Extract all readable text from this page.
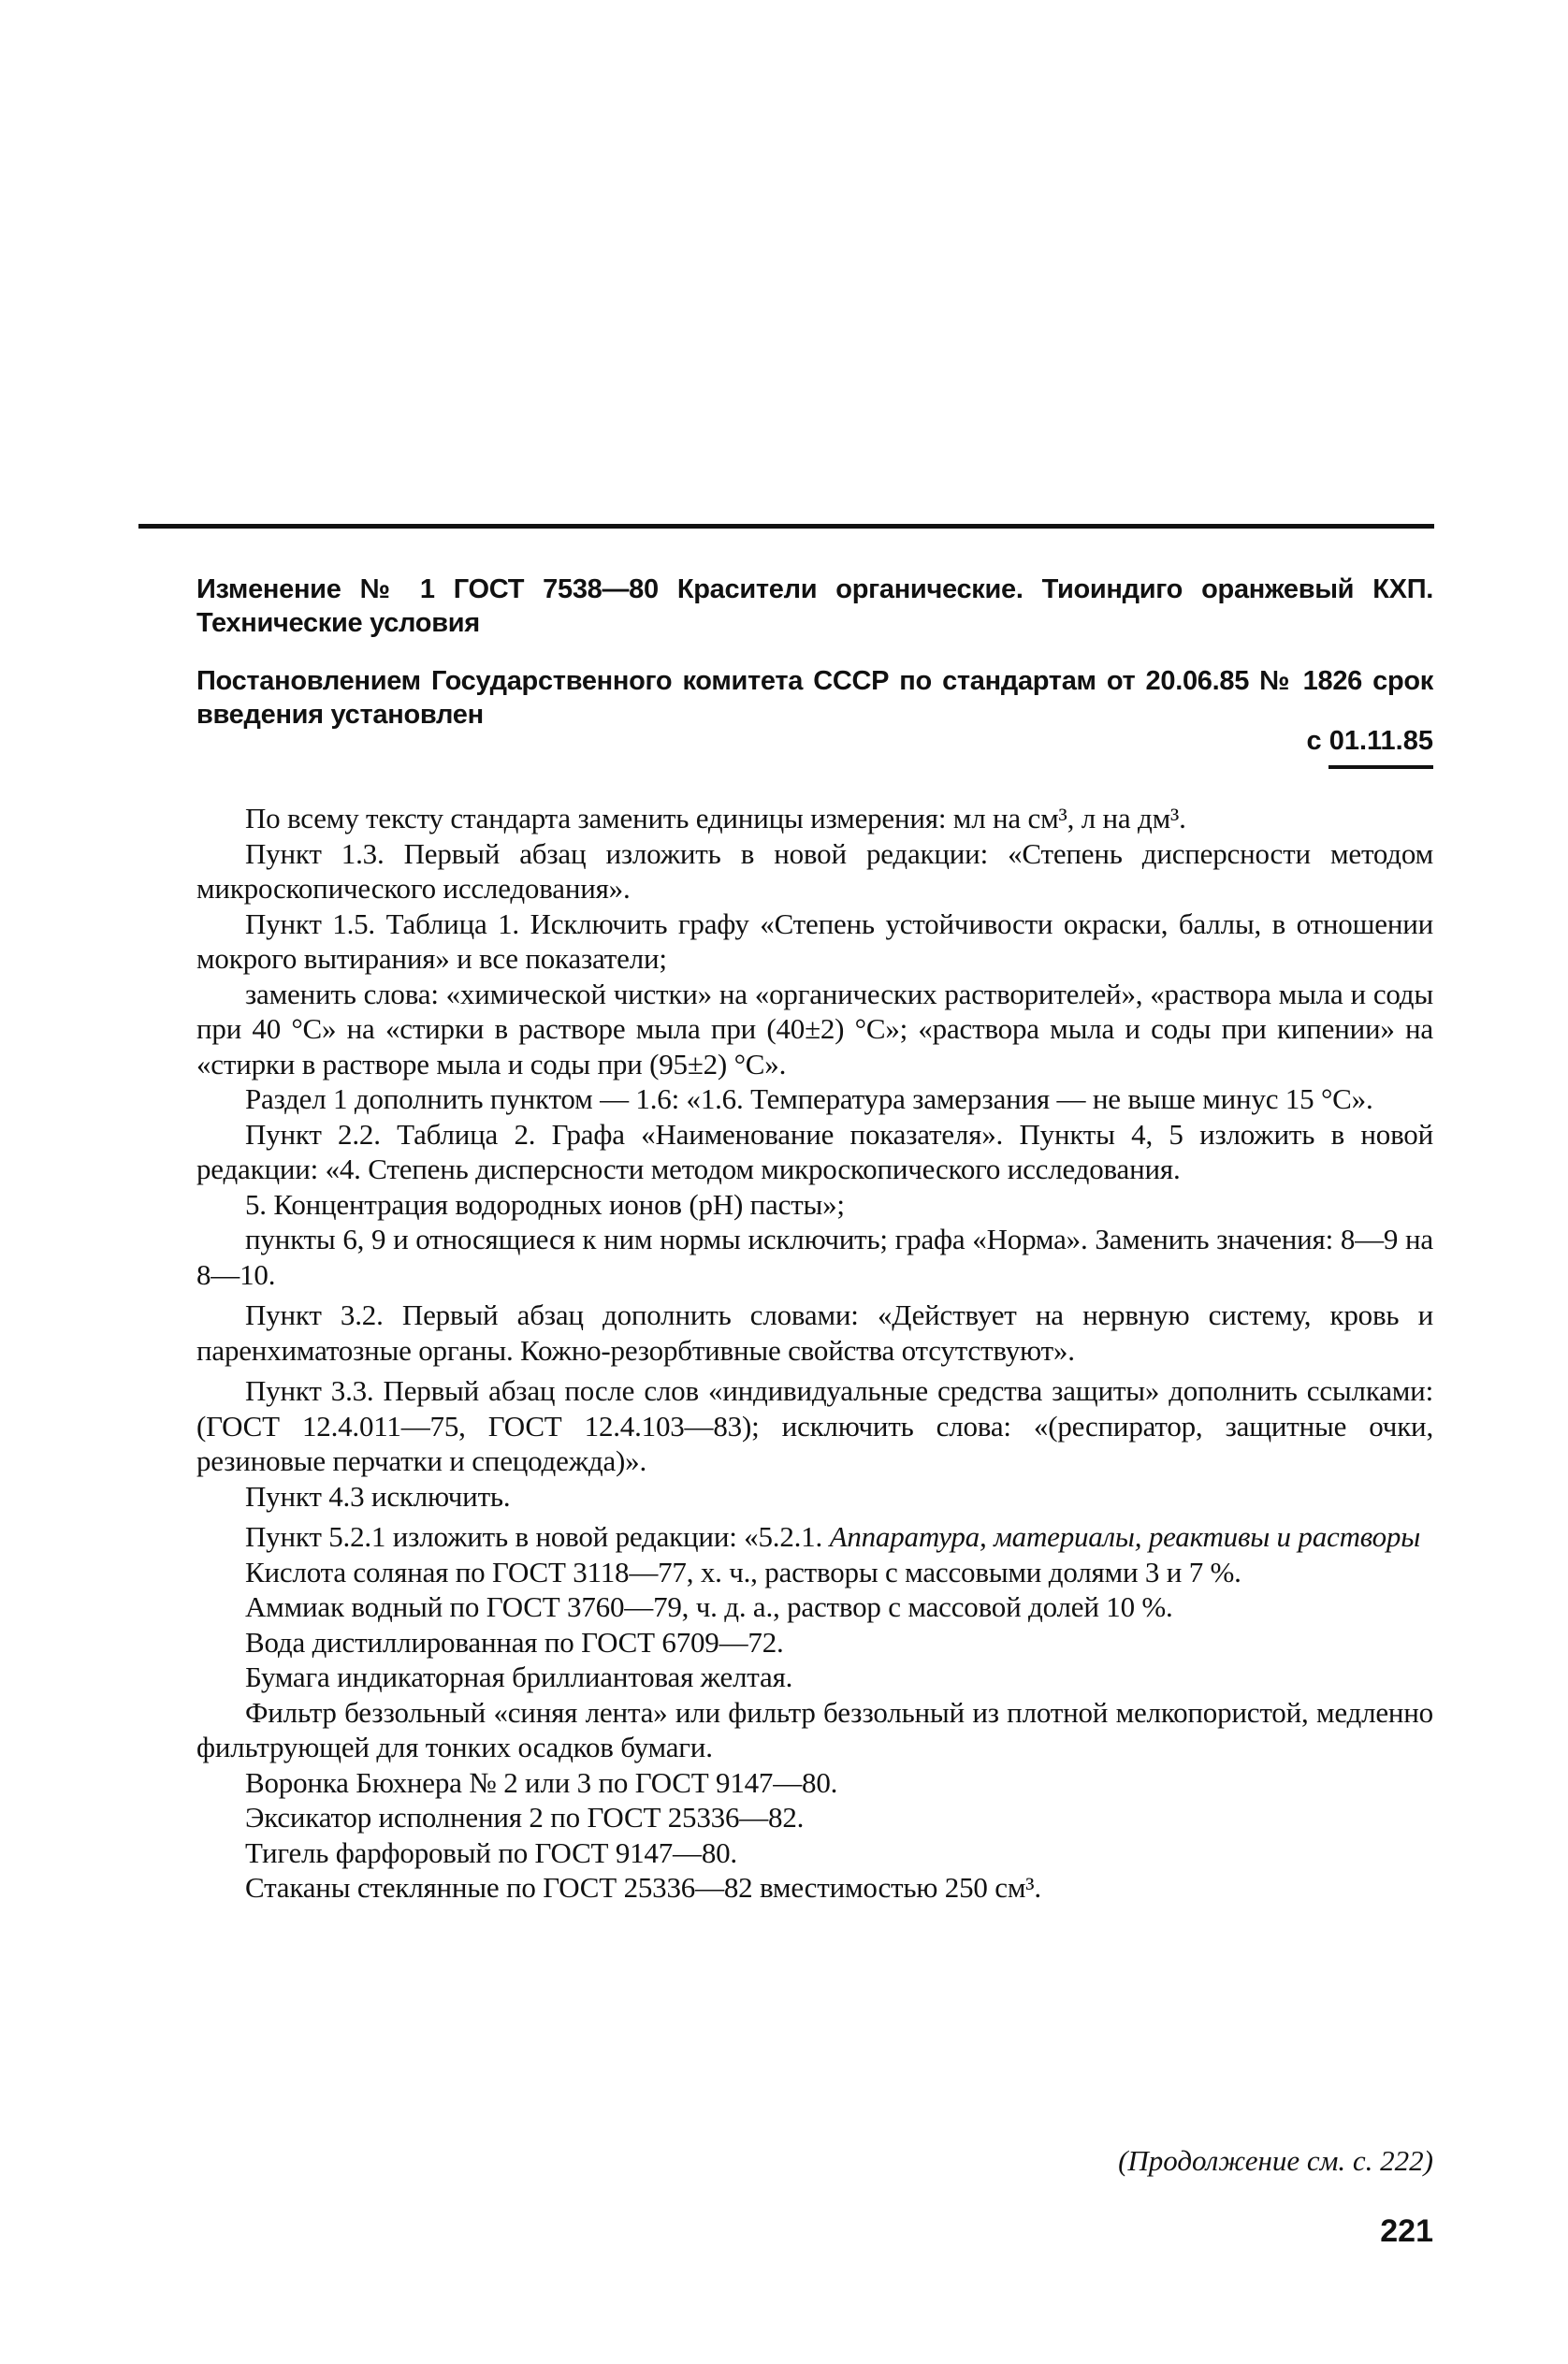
Изменение № 1 ГОСТ 7538—80 Красители органические. Тиоиндиго оранжевый КХП. Технические условия
Постановлением Государственного комитета СССР по стандартам от 20.06.85 № 1826 срок введения установлен
с 01.11.85

По всему тексту стандарта заменить единицы измерения: мл на см³, л на дм³.

Пункт 1.3. Первый абзац изложить в новой редакции: «Степень дисперсности методом микроскопического исследования».

Пункт 1.5. Таблица 1. Исключить графу «Степень устойчивости окраски, баллы, в отношении мокрого вытирания» и все показатели;

заменить слова: «химической чистки» на «органических растворителей», «раствора мыла и соды при 40 °С» на «стирки в растворе мыла при (40±2) °С»; «раствора мыла и соды при кипении» на «стирки в растворе мыла и соды при (95±2) °С».

Раздел 1 дополнить пунктом — 1.6: «1.6. Температура замерзания — не выше минус 15 °С».

Пункт 2.2. Таблица 2. Графа «Наименование показателя». Пункты 4, 5 изложить в новой редакции: «4. Степень дисперсности методом микроскопического исследования.

5. Концентрация водородных ионов (рН) пасты»;

пункты 6, 9 и относящиеся к ним нормы исключить; графа «Норма». Заменить значения: 8—9 на 8—10.

Пункт 3.2. Первый абзац дополнить словами: «Действует на нервную систему, кровь и паренхиматозные органы. Кожно-резорбтивные свойства отсутствуют».

Пункт 3.3. Первый абзац после слов «индивидуальные средства защиты» дополнить ссылками: (ГОСТ 12.4.011—75, ГОСТ 12.4.103—83); исключить слова: «(респиратор, защитные очки, резиновые перчатки и спецодежда)».

Пункт 4.3 исключить.

Пункт 5.2.1 изложить в новой редакции: «5.2.1. Аппаратура, материалы, реактивы и растворы

Кислота соляная по ГОСТ 3118—77, х. ч., растворы с массовыми долями 3 и 7 %.

Аммиак водный по ГОСТ 3760—79, ч. д. а., раствор с массовой долей 10 %.

Вода дистиллированная по ГОСТ 6709—72.

Бумага индикаторная бриллиантовая желтая.

Фильтр беззольный «синяя лента» или фильтр беззольный из плотной мелкопористой, медленно фильтрующей для тонких осадков бумаги.

Воронка Бюхнера № 2 или 3 по ГОСТ 9147—80.

Эксикатор исполнения 2 по ГОСТ 25336—82.

Тигель фарфоровый по ГОСТ 9147—80.

Стаканы стеклянные по ГОСТ 25336—82 вместимостью 250 см³.

(Продолжение см. с. 222)
221
